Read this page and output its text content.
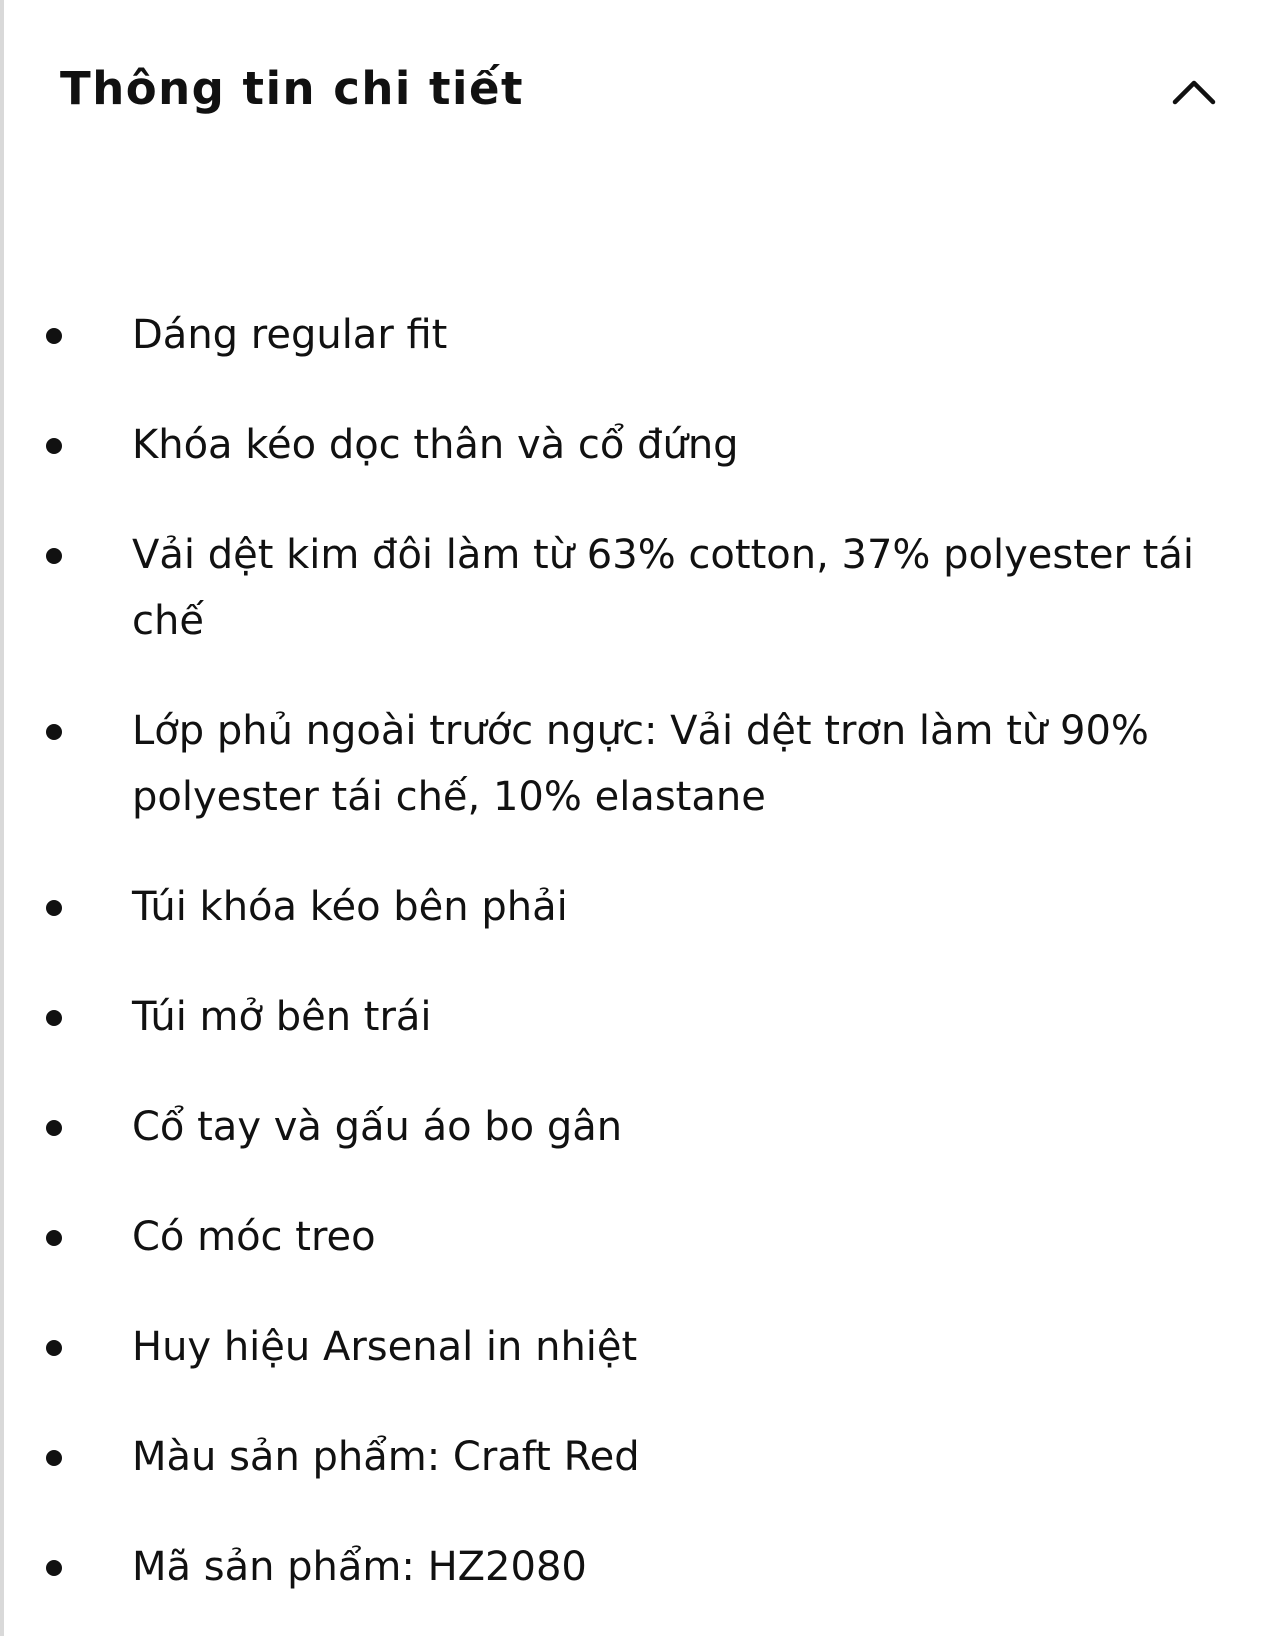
Thông tin chi tiết
Dáng regular fit
Khóa kéo dọc thân và cổ đứng
Vải dệt kim đôi làm từ 63% cotton, 37% polyester tái chế
Lớp phủ ngoài trước ngực: Vải dệt trơn làm từ 90% polyester tái chế, 10% elastane
Túi khóa kéo bên phải
Túi mở bên trái
Cổ tay và gấu áo bo gân
Có móc treo
Huy hiệu Arsenal in nhiệt
Màu sản phẩm: Craft Red
Mã sản phẩm: HZ2080
